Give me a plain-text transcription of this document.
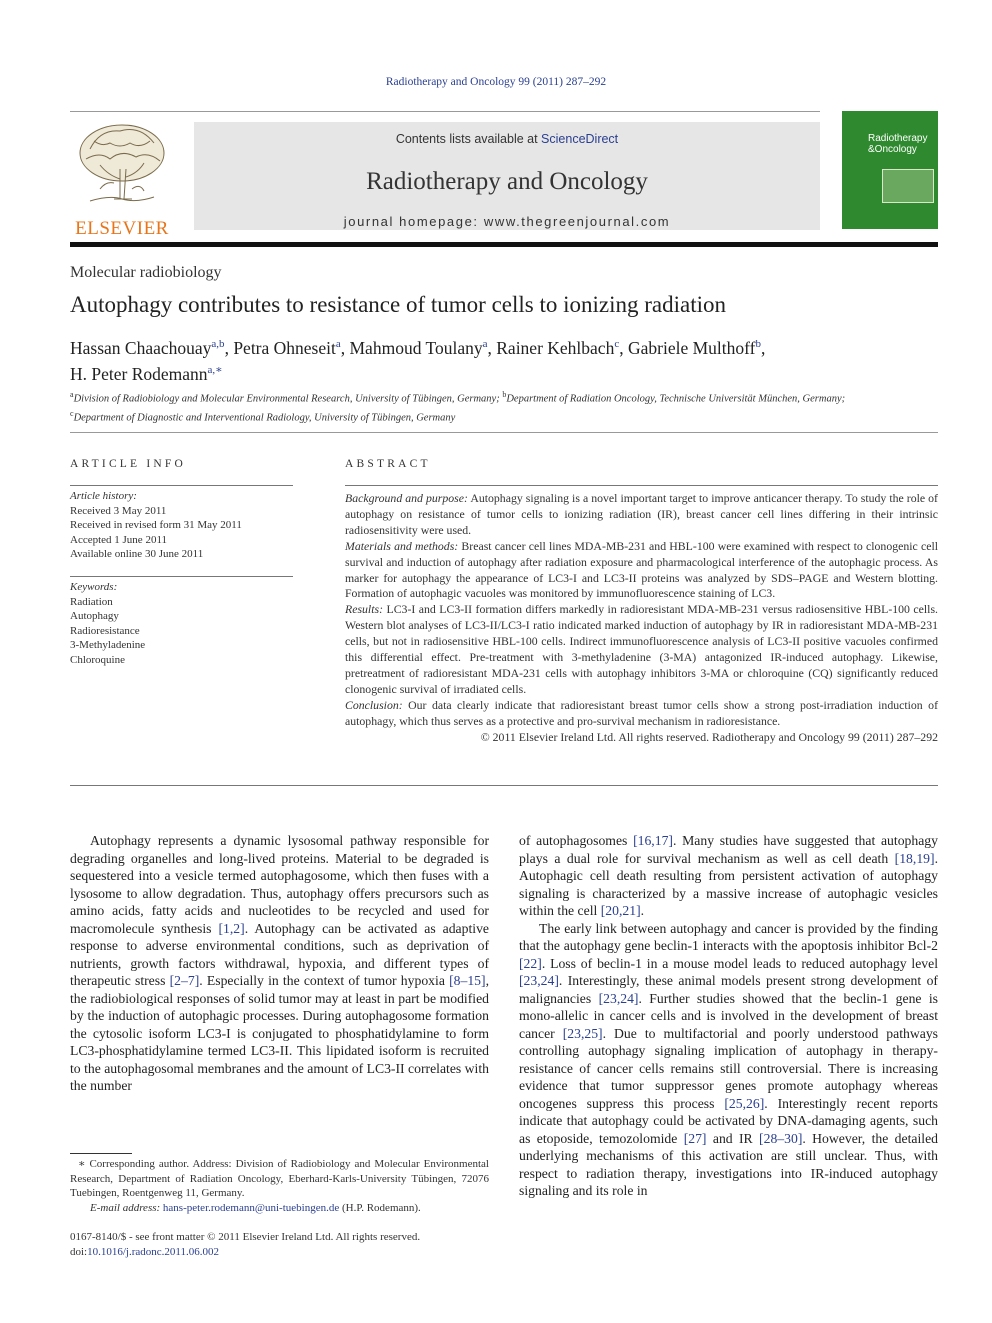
Radiotherapy and Oncology 99 (2011) 287–292
ELSEVIER
Contents lists available at ScienceDirect
Radiotherapy and Oncology
journal homepage: www.thegreenjournal.com
Radiotherapy
&Oncology
Molecular radiobiology
Autophagy contributes to resistance of tumor cells to ionizing radiation
Hassan Chaachouay$^{a,b}$, Petra Ohneseit$^a$, Mahmoud Toulany$^a$, Rainer Kehlbach$^c$, Gabriele Multhoff$^b$,
H. Peter Rodemann$^{a,∗}$
$^a$Division of Radiobiology and Molecular Environmental Research, University of Tübingen, Germany; $^b$Department of Radiation Oncology, Technische Universität München, Germany;
$^c$Department of Diagnostic and Interventional Radiology, University of Tübingen, Germany
ARTICLE INFO	ABSTRACT
Article history:
Received 3 May 2011
Received in revised form 31 May 2011
Accepted 1 June 2011
Available online 30 June 2011
Keywords:
Radiation
Autophagy
Radioresistance
3-Methyladenine
Chloroquine

Background and purpose: Autophagy signaling is a novel important target to improve anticancer therapy. To study the role of autophagy on resistance of tumor cells to ionizing radiation (IR), breast cancer cell lines differing in their intrinsic radiosensitivity were used.

Materials and methods: Breast cancer cell lines MDA-MB-231 and HBL-100 were examined with respect to clonogenic cell survival and induction of autophagy after radiation exposure and pharmacological interference of the autophagic process. As marker for autophagy the appearance of LC3-I and LC3-II proteins was analyzed by SDS–PAGE and Western blotting. Formation of autophagic vacuoles was monitored by immunofluorescence staining of LC3.

Results: LC3-I and LC3-II formation differs markedly in radioresistant MDA-MB-231 versus radiosensitive HBL-100 cells. Western blot analyses of LC3-II/LC3-I ratio indicated marked induction of autophagy by IR in radioresistant MDA-MB-231 cells, but not in radiosensitive HBL-100 cells. Indirect immunofluorescence analysis of LC3-II positive vacuoles confirmed this differential effect. Pre-treatment with 3-methyladenine (3-MA) antagonized IR-induced autophagy. Likewise, pretreatment of radioresistant MDA-231 cells with autophagy inhibitors 3-MA or chloroquine (CQ) significantly reduced clonogenic survival of irradiated cells.

Conclusion: Our data clearly indicate that radioresistant breast tumor cells show a strong post-irradiation induction of autophagy, which thus serves as a protective and pro-survival mechanism in radioresistance.

© 2011 Elsevier Ireland Ltd. All rights reserved. Radiotherapy and Oncology 99 (2011) 287–292

Autophagy represents a dynamic lysosomal pathway responsible for degrading organelles and long-lived proteins. Material to be degraded is sequestered into a vesicle termed autophagosome, which then fuses with a lysosome to allow degradation. Thus, autophagy offers precursors such as amino acids, fatty acids and nucleotides to be recycled and used for macromolecule synthesis [1,2]. Autophagy can be activated as adaptive response to adverse environmental conditions, such as deprivation of nutrients, growth factors withdrawal, hypoxia, and different types of therapeutic stress [2–7]. Especially in the context of tumor hypoxia [8–15], the radiobiological responses of solid tumor may at least in part be modified by the induction of autophagic processes. During autophagosome formation the cytosolic isoform LC3-I is conjugated to phosphatidylamine to form LC3-phosphatidylamine termed LC3-II. This lipidated isoform is recruited to the autophagosomal membranes and the amount of LC3-II correlates with the number

of autophagosomes [16,17]. Many studies have suggested that autophagy plays a dual role for survival mechanism as well as cell death [18,19]. Autophagic cell death resulting from persistent activation of autophagy signaling is characterized by a massive increase of autophagic vesicles within the cell [20,21].

The early link between autophagy and cancer is provided by the finding that the autophagy gene beclin-1 interacts with the apoptosis inhibitor Bcl-2 [22]. Loss of beclin-1 in a mouse model leads to reduced autophagy level [23,24]. Interestingly, these animal models present strong development of malignancies [23,24]. Further studies showed that the beclin-1 gene is mono-allelic in cancer cells and is involved in the development of breast cancer [23,25]. Due to multifactorial and poorly understood pathways controlling autophagy signaling implication of autophagy in therapy-resistance of cancer cells remains still controversial. There is increasing evidence that tumor suppressor genes promote autophagy whereas oncogenes suppress this process [25,26]. Interestingly recent reports indicate that autophagy could be activated by DNA-damaging agents, such as etoposide, temozolomide [27] and IR [28–30]. However, the detailed underlying mechanisms of this activation are still unclear. Thus, with respect to radiation therapy, investigations into IR-induced autophagy signaling and its role in

∗ Corresponding author. Address: Division of Radiobiology and Molecular Environmental Research, Department of Radiation Oncology, Eberhard-Karls-University Tübingen, 72076 Tuebingen, Roentgenweg 11, Germany.

E-mail address: hans-peter.rodemann@uni-tuebingen.de (H.P. Rodemann).

0167-8140/$ - see front matter © 2011 Elsevier Ireland Ltd. All rights reserved.
doi:10.1016/j.radonc.2011.06.002
